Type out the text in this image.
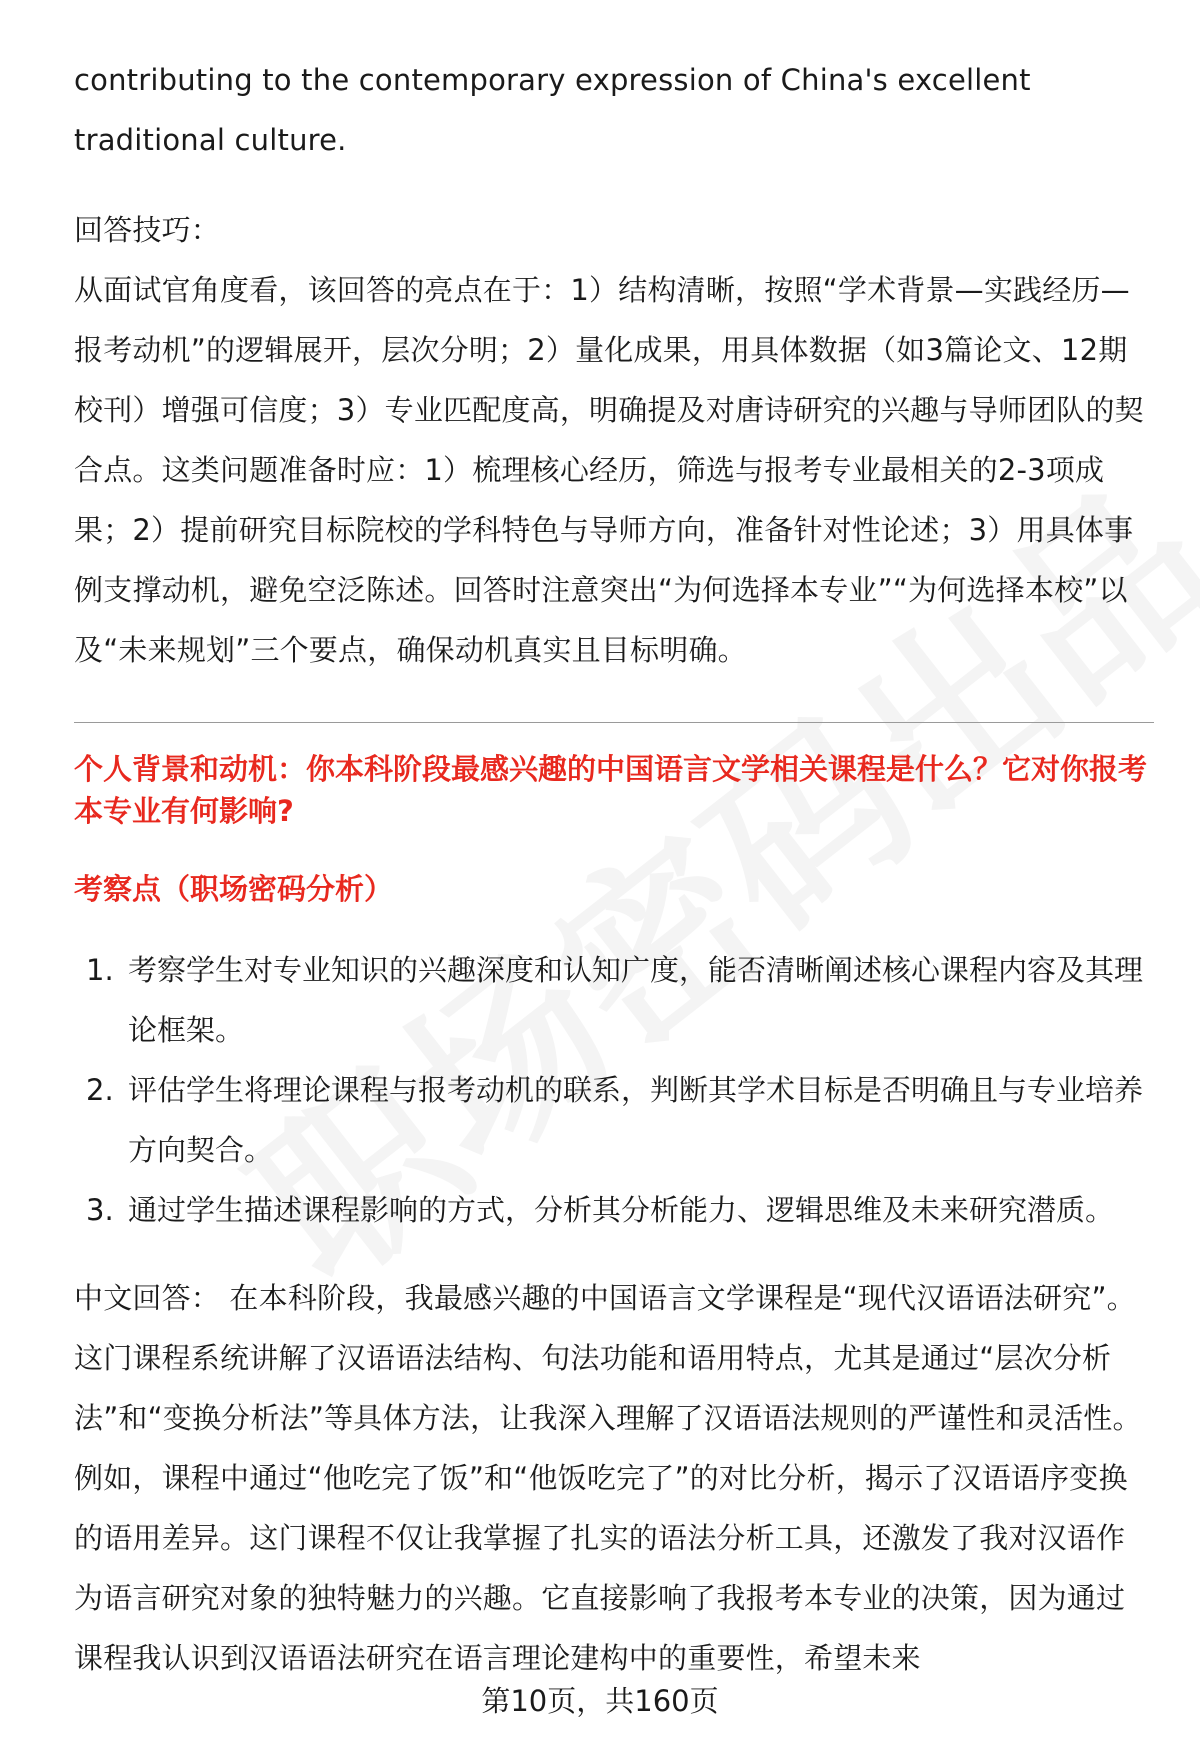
contributing to the contemporary expression of China's excellent traditional culture.

回答技巧：

从面试官角度看，该回答的亮点在于：1）结构清晰，按照“学术背景—实践经历—报考动机”的逻辑展开，层次分明；2）量化成果，用具体数据（如3篇论文、12期校刊）增强可信度；3）专业匹配度高，明确提及对唐诗研究的兴趣与导师团队的契合点。这类问题准备时应：1）梳理核心经历，筛选与报考专业最相关的2-3项成果；2）提前研究目标院校的学科特色与导师方向，准备针对性论述；3）用具体事例支撑动机，避免空泛陈述。回答时注意突出“为何选择本专业”“为何选择本校”以及“未来规划”三个要点，确保动机真实且目标明确。

个人背景和动机：你本科阶段最感兴趣的中国语言文学相关课程是什么？它对你报考本专业有何影响?

考察点（职场密码分析）

1. 考察学生对专业知识的兴趣深度和认知广度，能否清晰阐述核心课程内容及其理论框架。
2. 评估学生将理论课程与报考动机的联系，判断其学术目标是否明确且与专业培养方向契合。
3. 通过学生描述课程影响的方式，分析其分析能力、逻辑思维及未来研究潜质。

中文回答： 在本科阶段，我最感兴趣的中国语言文学课程是“现代汉语语法研究”。这门课程系统讲解了汉语语法结构、句法功能和语用特点，尤其是通过“层次分析法”和“变换分析法”等具体方法，让我深入理解了汉语语法规则的严谨性和灵活性。例如，课程中通过“他吃完了饭”和“他饭吃完了”的对比分析，揭示了汉语语序变换的语用差异。这门课程不仅让我掌握了扎实的语法分析工具，还激发了我对汉语作为语言研究对象的独特魅力的兴趣。它直接影响了我报考本专业的决策，因为通过课程我认识到汉语语法研究在语言理论建构中的重要性，希望未来

第10页，共160页
